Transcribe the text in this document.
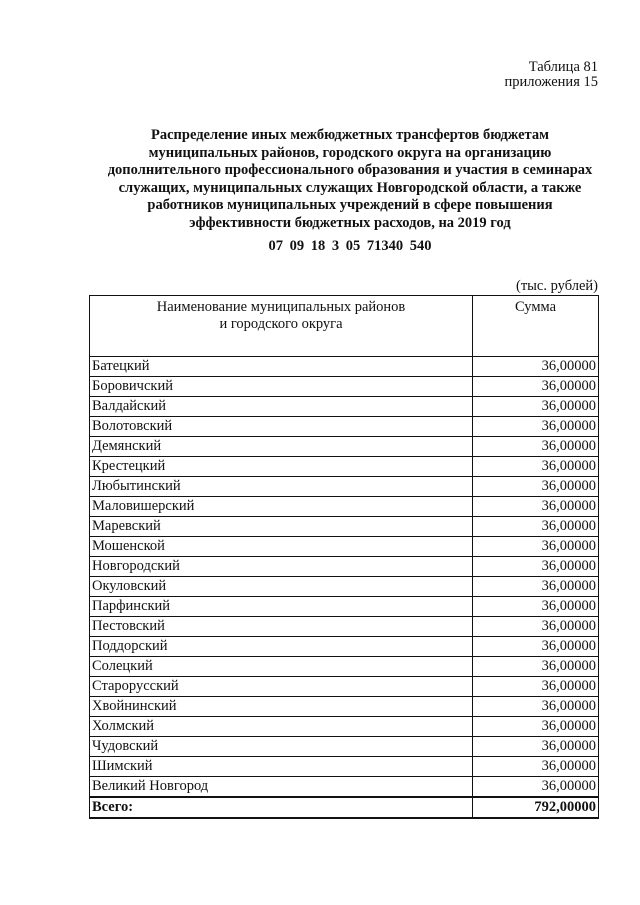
Таблица 81
приложения 15
Распределение иных межбюджетных трансфертов бюджетам
муниципальных районов, городского округа на организацию
дополнительного профессионального образования и участия в семинарах
служащих, муниципальных служащих Новгородской области, а также
работников муниципальных учреждений в сфере повышения
эффективности бюджетных расходов, на 2019 год
07 09 18 3 05 71340 540
(тыс. рублей)
Наименование муниципальных районов
и городского округа	Сумма
Батецкий	36,00000
Боровичский	36,00000
Валдайский	36,00000
Волотовский	36,00000
Демянский	36,00000
Крестецкий	36,00000
Любытинский	36,00000
Маловишерский	36,00000
Маревский	36,00000
Мошенской	36,00000
Новгородский	36,00000
Окуловский	36,00000
Парфинский	36,00000
Пестовский	36,00000
Поддорский	36,00000
Солецкий	36,00000
Старорусский	36,00000
Хвойнинский	36,00000
Холмский	36,00000
Чудовский	36,00000
Шимский	36,00000
Великий Новгород	36,00000
Всего:	792,00000
